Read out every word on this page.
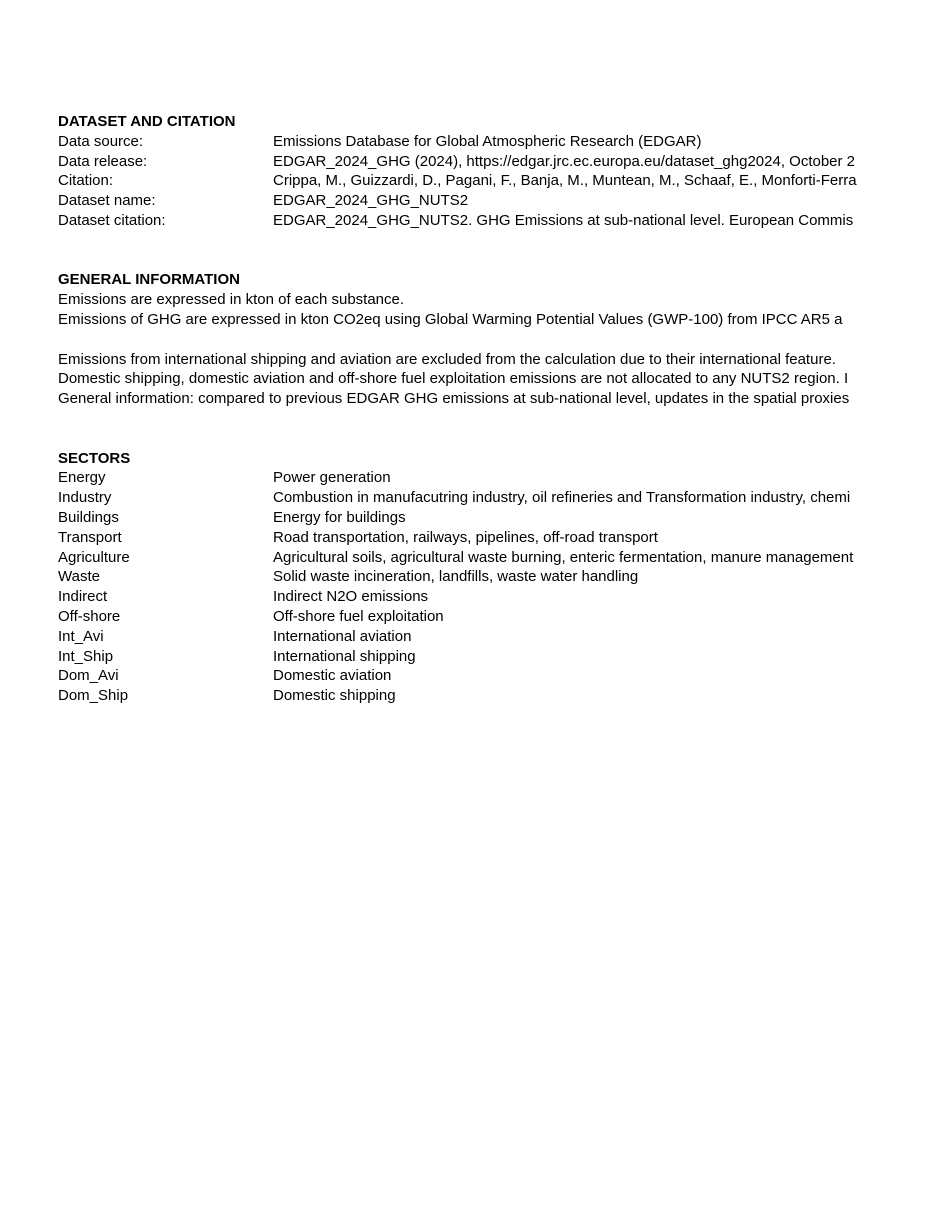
DATASET AND CITATION
Data source:	Emissions Database for Global Atmospheric Research (EDGAR)
Data release:	EDGAR_2024_GHG (2024), https://edgar.jrc.ec.europa.eu/dataset_ghg2024, October 2
Citation:	Crippa, M., Guizzardi, D., Pagani, F., Banja, M., Muntean, M., Schaaf, E., Monforti-Ferra
Dataset name:	EDGAR_2024_GHG_NUTS2
Dataset citation:	EDGAR_2024_GHG_NUTS2. GHG Emissions at sub-national level. European Commis
GENERAL INFORMATION
Emissions are expressed in kton of each substance.
Emissions of GHG are expressed in kton CO2eq using Global Warming Potential Values (GWP-100) from IPCC AR5 a
Emissions from international shipping and aviation are excluded from the calculation due to their international feature.
Domestic shipping, domestic aviation and off-shore fuel exploitation emissions are not allocated to any NUTS2 region. I
General information: compared to previous EDGAR GHG emissions at sub-national level, updates in the spatial proxies
SECTORS
Energy	Power generation
Industry	Combustion in manufacutring industry, oil refineries and Transformation industry, chemi
Buildings	Energy for buildings
Transport	Road transportation, railways, pipelines, off-road transport
Agriculture	Agricultural soils, agricultural waste burning, enteric fermentation, manure management
Waste	Solid waste incineration, landfills, waste water handling
Indirect	Indirect N2O emissions
Off-shore	Off-shore fuel exploitation
Int_Avi	International aviation
Int_Ship	International shipping
Dom_Avi	Domestic aviation
Dom_Ship	Domestic shipping
